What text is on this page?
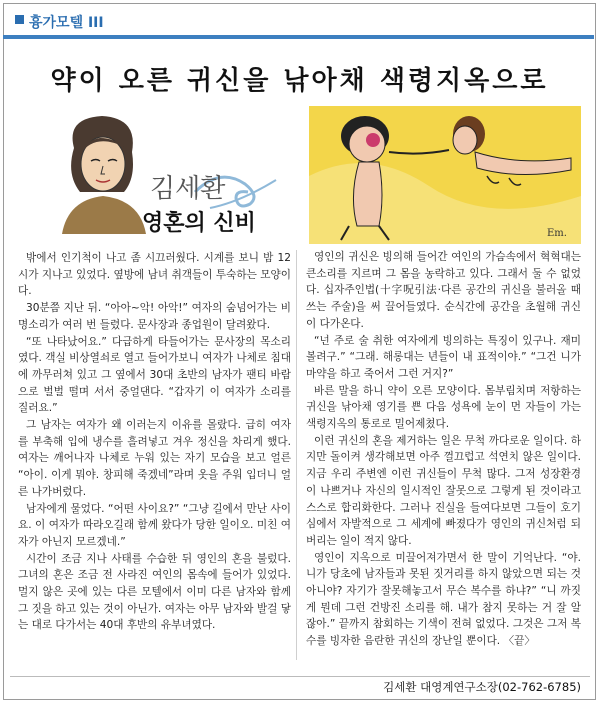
흉가모텔 III
약이 오른 귀신을 낚아채 색령지옥으로
김세환
영혼의 신비	Em.

밖에서 인기척이 나고 좀 시끄러웠다. 시계를 보니 밤 12시가 지나고 있었다. 옆방에 남녀 취객들이 투숙하는 모양이다.

30분쯤 지난 뒤. “아아~악! 아악!” 여자의 숨넘어가는 비명소리가 여러 번 들렸다. 문사장과 종업원이 달려왔다.

“또 나타났어요.” 다급하게 타들어가는 문사장의 목소리였다. 객실 비상열쇠로 열고 들어가보니 여자가 나체로 침대에 까무러쳐 있고 그 옆에서 30대 초반의 남자가 팬티 바람으로 벌벌 떨며 서서 중얼댄다. “갑자기 이 여자가 소리를 질러요.”

그 남자는 여자가 왜 이러는지 이유를 몰랐다. 급히 여자를 부축해 입에 냉수를 흘려넣고 겨우 정신을 차리게 했다. 여자는 깨어나자 나체로 누워 있는 자기 모습을 보고 얼른 “아이. 이게 뭐야. 창피해 죽겠네”라며 옷을 주워 입더니 얼른 나가버렸다.

남자에게 물었다. “어떤 사이요?” “그냥 길에서 만난 사이요. 이 여자가 따라오길래 함께 왔다가 당한 일이오. 미친 여자가 아닌지 모르겠네.”

시간이 조금 지나 사태를 수습한 뒤 영인의 혼을 불렀다. 그녀의 혼은 조금 전 사라진 여인의 몸속에 들어가 있었다. 멀지 않은 곳에 있는 다른 모텔에서 이미 다른 남자와 함께 그 짓을 하고 있는 것이 아닌가. 여자는 아무 남자와 발걸 닿는 대로 다가서는 40대 후반의 유부녀였다.

영인의 귀신은 빙의해 들어간 여인의 가슴속에서 혁혁대는 큰소리를 지르며 그 몸을 농락하고 있다. 그래서 둘 수 없었다. 십자주인법(十字呪引法·다른 공간의 귀신을 불러올 때 쓰는 주술)을 써 끌어들였다. 순식간에 공간을 초월해 귀신이 다가온다.

“넌 주로 술 취한 여자에게 빙의하는 특징이 있구나. 재미볼려구.” “그래. 해롱대는 년들이 내 표적이야.” “그건 니가 마약을 하고 죽어서 그런 거지?”

바른 말을 하니 약이 오른 모양이다. 몸부림치며 저항하는 귀신을 낚아채 영기를 쁜 다음 성욕에 눈이 먼 자들이 가는 색령지옥의 통로로 밀어제쳤다.

이런 귀신의 혼을 제거하는 일은 무척 까다로운 일이다. 하지만 돌이켜 생각해보면 아주 껄끄럽고 석연치 않은 일이다. 지금 우리 주변엔 이런 귀신들이 무척 많다. 그저 성장환경이 나쁘거나 자신의 일시적인 잘못으로 그렇게 된 것이라고 스스로 합리화한다. 그러나 진실을 들여다보면 그들이 호기심에서 자발적으로 그 세계에 빠졌다가 영인의 귀신처럼 되버리는 일이 적지 않다.

영인이 지옥으로 미끌어져가면서 한 말이 기억난다. “야. 니가 당초에 남자들과 못된 짓거리를 하지 않았으면 되는 것 아니야? 자기가 잘못해놓고서 무슨 복수를 하냐?” “니 까짓 게 뭔데 그런 건방진 소리를 해. 내가 참지 못하는 거 잘 알잖아.” 끝까지 참회하는 기색이 전혀 없었다. 그것은 그저 복수를 빙자한 음란한 귀신의 장난일 뿐이다. 〈끝〉

김세환 대영계연구소장(02-762-6785)
